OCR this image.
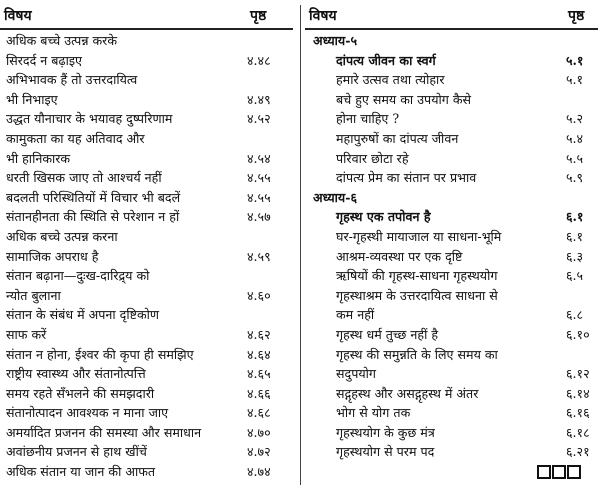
विषय	पृष्ठ
अधिक बच्चे उत्पन्न करके
सिरदर्द न बढ़ाइए	४.४८
अभिभावक हैं तो उत्तरदायित्व
भी निभाइए	४.४९
उद्धत यौनाचार के भयावह दुष्परिणाम	४.५२
कामुकता का यह अतिवाद और
भी हानिकारक	४.५४
धरती खिसक जाए तो आश्चर्य नहीं	४.५५
बदलती परिस्थितियों में विचार भी बदलें	४.५५
संतानहीनता की स्थिति से परेशान न हों	४.५७
अधिक बच्चे उत्पन्न करना
सामाजिक अपराध है	४.५९
संतान बढ़ाना—दुःख-दारिद्र्य को
न्योत बुलाना	४.६०
संतान के संबंध में अपना दृष्टिकोण
साफ करें	४.६२
संतान न होना, ईश्वर की कृपा ही समझिए	४.६४
राष्ट्रीय स्वास्थ्य और संतानोत्पत्ति	४.६५
समय रहते सँभलने की समझदारी	४.६६
संतानोत्पादन आवश्यक न माना जाए	४.६८
अमर्यादित प्रजनन की समस्या और समाधान	४.७०
अवांछनीय प्रजनन से हाथ खींचें	४.७२
अधिक संतान या जान की आफत	४.७४
विषय	पृष्ठ
अध्याय-५
दांपत्य जीवन का स्वर्ग	५.१
हमारे उत्सव तथा त्योहार	५.१
बचे हुए समय का उपयोग कैसे
होना चाहिए ?	५.२
महापुरुषों का दांपत्य जीवन	५.४
परिवार छोटा रहे	५.५
दांपत्य प्रेम का संतान पर प्रभाव	५.९
अध्याय-६
गृहस्थ एक तपोवन है	६.१
घर-गृहस्थी मायाजाल या साधना-भूमि	६.१
आश्रम-व्यवस्था पर एक दृष्टि	६.३
ऋषियों की गृहस्थ-साधना गृहस्थयोग	६.५
गृहस्थाश्रम के उत्तरदायित्व साधना से
कम नहीं	६.८
गृहस्थ धर्म तुच्छ नहीं है	६.१०
गृहस्थ की समुन्नति के लिए समय का
सदुपयोग	६.१२
सद्गृहस्थ और असद्गृहस्थ में अंतर	६.१४
भोग से योग तक	६.१६
गृहस्थयोग के कुछ मंत्र	६.१८
गृहस्थयोग से परम पद	६.२१
